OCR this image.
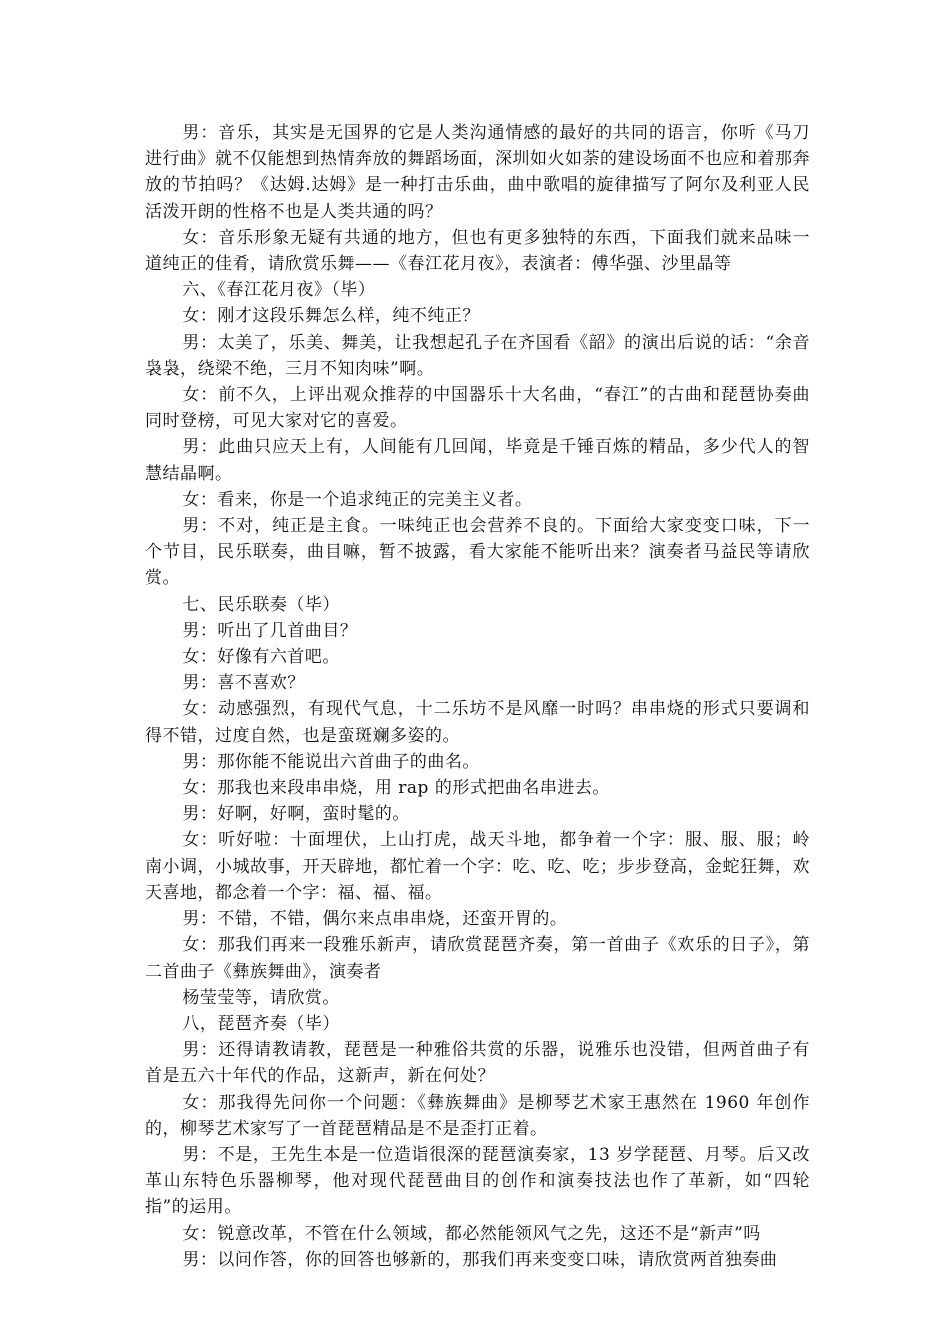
男：音乐，其实是无国界的它是人类沟通情感的最好的共同的语言，你听《马刀进行曲》就不仅能想到热情奔放的舞蹈场面，深圳如火如荼的建设场面不也应和着那奔放的节拍吗？《达姆.达姆》是一种打击乐曲，曲中歌唱的旋律描写了阿尔及利亚人民活泼开朗的性格不也是人类共通的吗？

女：音乐形象无疑有共通的地方，但也有更多独特的东西，下面我们就来品味一道纯正的佳肴，请欣赏乐舞——《春江花月夜》，表演者：傅华强、沙里晶等

六、《春江花月夜》（毕）

女：刚才这段乐舞怎么样，纯不纯正？

男：太美了，乐美、舞美，让我想起孔子在齐国看《韶》的演出后说的话：“余音袅袅，绕梁不绝，三月不知肉味”啊。

女：前不久，上评出观众推荐的中国器乐十大名曲，“春江”的古曲和琵琶协奏曲同时登榜，可见大家对它的喜爱。

男：此曲只应天上有，人间能有几回闻，毕竟是千锤百炼的精品，多少代人的智慧结晶啊。

女：看来，你是一个追求纯正的完美主义者。

男：不对，纯正是主食。一味纯正也会营养不良的。下面给大家变变口味，下一个节目，民乐联奏，曲目嘛，暂不披露，看大家能不能听出来？演奏者马益民等请欣赏。

七、民乐联奏（毕）

男：听出了几首曲目？

女：好像有六首吧。

男：喜不喜欢？

女：动感强烈，有现代气息，十二乐坊不是风靡一时吗？串串烧的形式只要调和得不错，过度自然，也是蛮斑斓多姿的。

男：那你能不能说出六首曲子的曲名。

女：那我也来段串串烧，用 rap 的形式把曲名串进去。

男：好啊，好啊，蛮时髦的。

女：听好啦：十面埋伏，上山打虎，战天斗地，都争着一个字：服、服、服；岭南小调，小城故事，开天辟地，都忙着一个字：吃、吃、吃；步步登高，金蛇狂舞，欢天喜地，都念着一个字：福、福、福。

男：不错，不错，偶尔来点串串烧，还蛮开胃的。

女：那我们再来一段雅乐新声，请欣赏琵琶齐奏，第一首曲子《欢乐的日子》，第二首曲子《彝族舞曲》，演奏者

杨莹莹等，请欣赏。

八，琵琶齐奏（毕）

男：还得请教请教，琵琶是一种雅俗共赏的乐器，说雅乐也没错，但两首曲子有首是五六十年代的作品，这新声，新在何处？

女：那我得先问你一个问题：《彝族舞曲》是柳琴艺术家王惠然在 1960 年创作的，柳琴艺术家写了一首琵琶精品是不是歪打正着。

男：不是，王先生本是一位造诣很深的琵琶演奏家，13 岁学琵琶、月琴。后又改革山东特色乐器柳琴，他对现代琵琶曲目的创作和演奏技法也作了革新，如“四轮指”的运用。

女：锐意改革，不管在什么领域，都必然能领风气之先，这还不是“新声”吗

男：以问作答，你的回答也够新的，那我们再来变变口味，请欣赏两首独奏曲
